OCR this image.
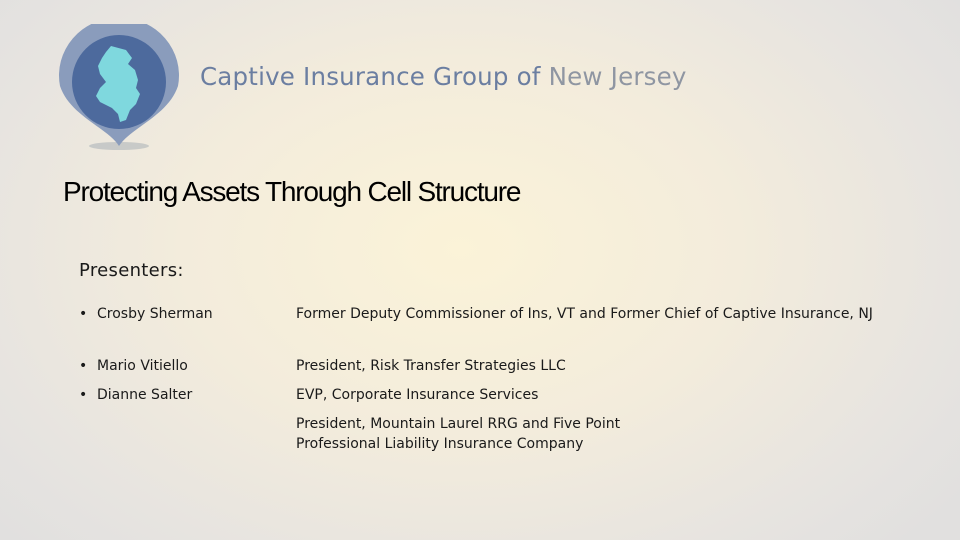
Captive Insurance Group of New Jersey
Protecting Assets Through Cell Structure
Presenters:
• Crosby Sherman	Former Deputy Commissioner of Ins, VT and Former Chief of Captive Insurance, NJ
• Mario Vitiello	President, Risk Transfer Strategies LLC
• Dianne Salter	EVP, Corporate Insurance Services
President, Mountain Laurel RRG and Five Point Professional Liability Insurance Company
